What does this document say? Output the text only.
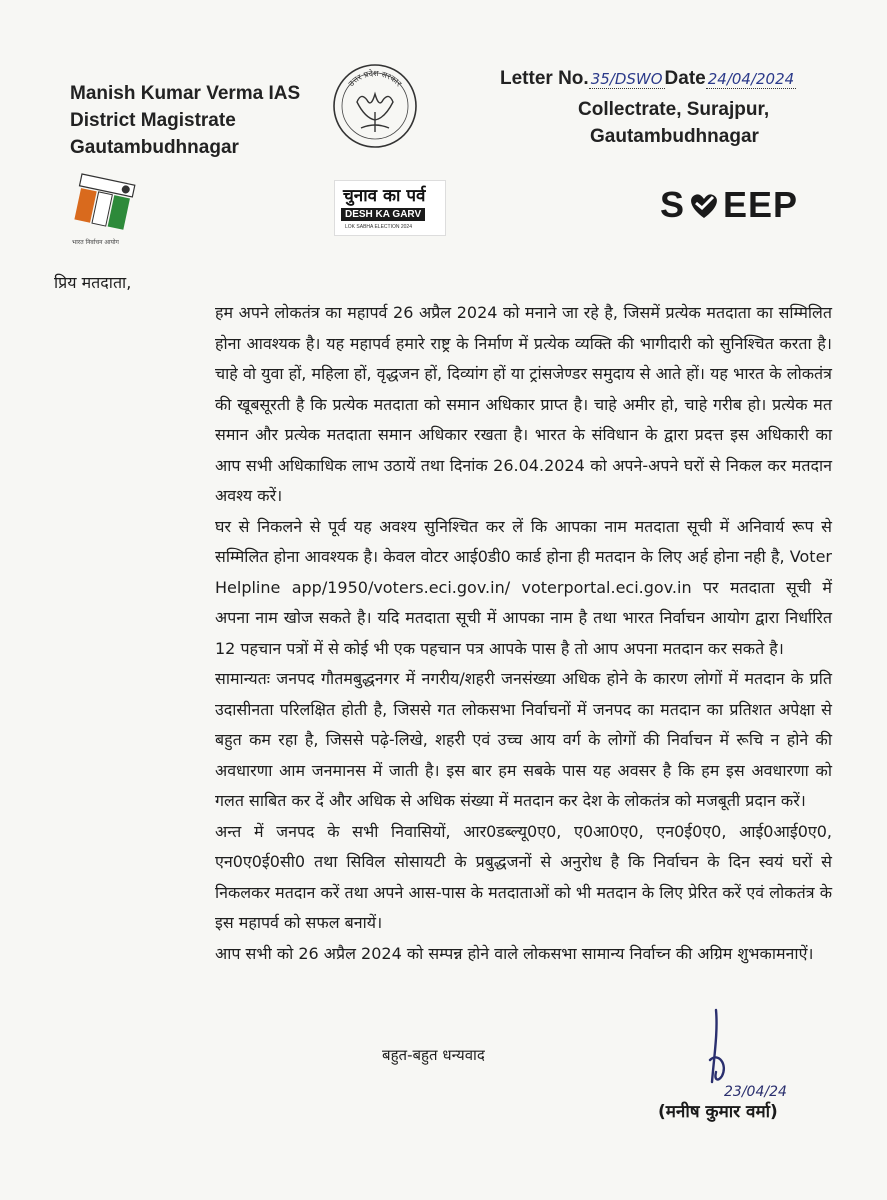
Manish Kumar Verma IAS
District Magistrate
Gautambudhnagar
उत्तर प्रदेश सरकार	Letter No. 35/DSWO Date 24/04/2024
Collectrate, Surajpur,
Gautambudhnagar
भारत निर्वाचन आयोग
चुनाव का पर्व
DESH KA GARV
LOK SABHA ELECTION 2024
S EEP
प्रिय मतदाता,

हम अपने लोकतंत्र का महापर्व 26 अप्रैल 2024 को मनाने जा रहे है, जिसमें प्रत्येक मतदाता का सम्मिलित होना आवश्यक है। यह महापर्व हमारे राष्ट्र के निर्माण में प्रत्येक व्यक्ति की भागीदारी को सुनिश्चित करता है। चाहे वो युवा हों, महिला हों, वृद्धजन हों, दिव्यांग हों या ट्रांसजेण्डर समुदाय से आते हों। यह भारत के लोकतंत्र की खूबसूरती है कि प्रत्येक मतदाता को समान अधिकार प्राप्त है। चाहे अमीर हो, चाहे गरीब हो। प्रत्येक मत समान और प्रत्येक मतदाता समान अधिकार रखता है। भारत के संविधान के द्वारा प्रदत्त इस अधिकारी का आप सभी अधिकाधिक लाभ उठायें तथा दिनांक 26.04.2024 को अपने-अपने घरों से निकल कर मतदान अवश्य करें।

घर से निकलने से पूर्व यह अवश्य सुनिश्चित कर लें कि आपका नाम मतदाता सूची में अनिवार्य रूप से सम्मिलित होना आवश्यक है। केवल वोटर आई0डी0 कार्ड होना ही मतदान के लिए अर्ह होना नही है, Voter Helpline app/1950/voters.eci.gov.in/ voterportal.eci.gov.in पर मतदाता सूची में अपना नाम खोज सकते है। यदि मतदाता सूची में आपका नाम है तथा भारत निर्वाचन आयोग द्वारा निर्धारित 12 पहचान पत्रों में से कोई भी एक पहचान पत्र आपके पास है तो आप अपना मतदान कर सकते है।

सामान्यतः जनपद गौतमबुद्धनगर में नगरीय/शहरी जनसंख्या अधिक होने के कारण लोगों में मतदान के प्रति उदासीनता परिलक्षित होती है, जिससे गत लोकसभा निर्वाचनों में जनपद का मतदान का प्रतिशत अपेक्षा से बहुत कम रहा है, जिससे पढ़े-लिखे, शहरी एवं उच्च आय वर्ग के लोगों की निर्वाचन में रूचि न होने की अवधारणा आम जनमानस में जाती है। इस बार हम सबके पास यह अवसर है कि हम इस अवधारणा को गलत साबित कर दें और अधिक से अधिक संख्या में मतदान कर देश के लोकतंत्र को मजबूती प्रदान करें।

अन्त में जनपद के सभी निवासियों, आर0डब्ल्यू0ए0, ए0आ0ए0, एन0ई0ए0, आई0आई0ए0, एन0ए0ई0सी0 तथा सिविल सोसायटी के प्रबुद्धजनों से अनुरोध है कि निर्वाचन के दिन स्वयं घरों से निकलकर मतदान करें तथा अपने आस-पास के मतदाताओं को भी मतदान के लिए प्रेरित करें एवं लोकतंत्र के इस महापर्व को सफल बनायें।

आप सभी को 26 अप्रैल 2024 को सम्पन्न होने वाले लोकसभा सामान्य निर्वाच्न की अग्रिम शुभकामनाऐं।

बहुत-बहुत धन्यवाद
23/04/24
(मनीष कुमार वर्मा)
